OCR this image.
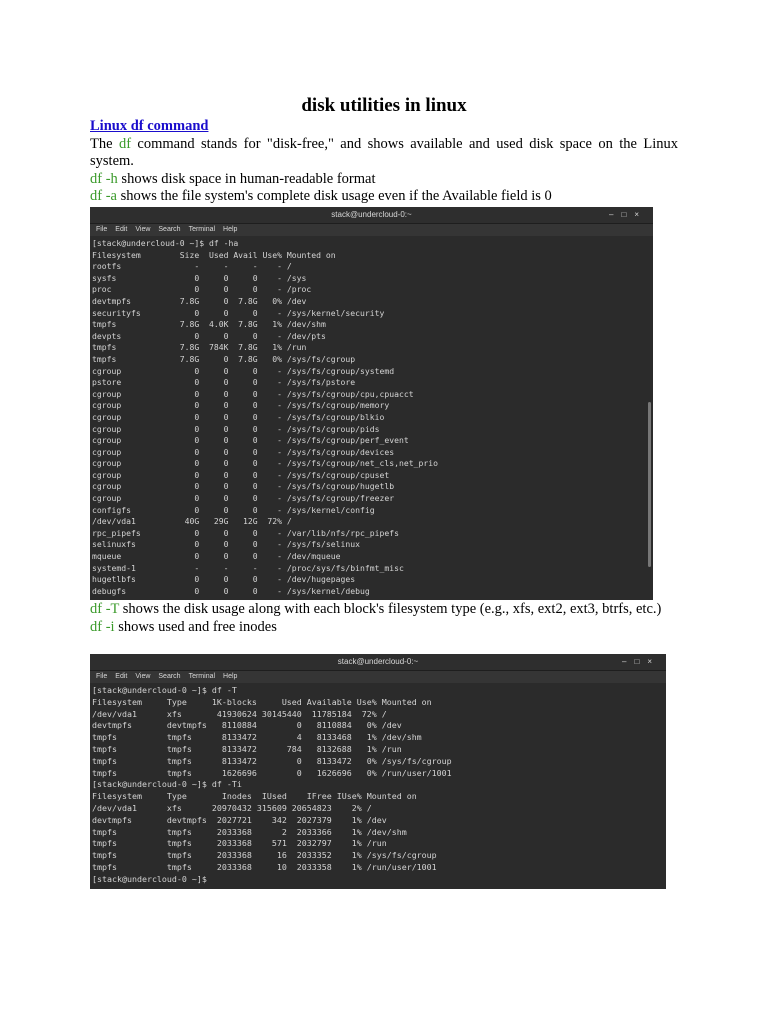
disk utilities in linux

Linux df command

The df command stands for "disk-free," and shows available and used disk space on the Linux system.

df -h shows disk space in human-readable format

df -a shows the file system's complete disk usage even if the Available field is 0

stack@undercloud-0:~	–□×
File Edit View Search Terminal Help
[stack@undercloud-0 ~]$ df -ha
Filesystem        Size  Used Avail Use% Mounted on
rootfs               -     -     -    - /
sysfs                0     0     0    - /sys
proc                 0     0     0    - /proc
devtmpfs          7.8G     0  7.8G   0% /dev
securityfs           0     0     0    - /sys/kernel/security
tmpfs             7.8G  4.0K  7.8G   1% /dev/shm
devpts               0     0     0    - /dev/pts
tmpfs             7.8G  784K  7.8G   1% /run
tmpfs             7.8G     0  7.8G   0% /sys/fs/cgroup
cgroup               0     0     0    - /sys/fs/cgroup/systemd
pstore               0     0     0    - /sys/fs/pstore
cgroup               0     0     0    - /sys/fs/cgroup/cpu,cpuacct
cgroup               0     0     0    - /sys/fs/cgroup/memory
cgroup               0     0     0    - /sys/fs/cgroup/blkio
cgroup               0     0     0    - /sys/fs/cgroup/pids
cgroup               0     0     0    - /sys/fs/cgroup/perf_event
cgroup               0     0     0    - /sys/fs/cgroup/devices
cgroup               0     0     0    - /sys/fs/cgroup/net_cls,net_prio
cgroup               0     0     0    - /sys/fs/cgroup/cpuset
cgroup               0     0     0    - /sys/fs/cgroup/hugetlb
cgroup               0     0     0    - /sys/fs/cgroup/freezer
configfs             0     0     0    - /sys/kernel/config
/dev/vda1          40G   29G   12G  72% /
rpc_pipefs           0     0     0    - /var/lib/nfs/rpc_pipefs
selinuxfs            0     0     0    - /sys/fs/selinux
mqueue               0     0     0    - /dev/mqueue
systemd-1            -     -     -    - /proc/sys/fs/binfmt_misc
hugetlbfs            0     0     0    - /dev/hugepages
debugfs              0     0     0    - /sys/kernel/debug

df -T shows the disk usage along with each block's filesystem type (e.g., xfs, ext2, ext3, btrfs, etc.)

df -i shows used and free inodes

stack@undercloud-0:~	–□×
File Edit View Search Terminal Help
[stack@undercloud-0 ~]$ df -T
Filesystem     Type     1K-blocks     Used Available Use% Mounted on
/dev/vda1      xfs       41930624 30145440  11785184  72% /
devtmpfs       devtmpfs   8110884        0   8110884   0% /dev
tmpfs          tmpfs      8133472        4   8133468   1% /dev/shm
tmpfs          tmpfs      8133472      784   8132688   1% /run
tmpfs          tmpfs      8133472        0   8133472   0% /sys/fs/cgroup
tmpfs          tmpfs      1626696        0   1626696   0% /run/user/1001
[stack@undercloud-0 ~]$ df -Ti
Filesystem     Type       Inodes  IUsed    IFree IUse% Mounted on
/dev/vda1      xfs      20970432 315609 20654823    2% /
devtmpfs       devtmpfs  2027721    342  2027379    1% /dev
tmpfs          tmpfs     2033368      2  2033366    1% /dev/shm
tmpfs          tmpfs     2033368    571  2032797    1% /run
tmpfs          tmpfs     2033368     16  2033352    1% /sys/fs/cgroup
tmpfs          tmpfs     2033368     10  2033358    1% /run/user/1001
[stack@undercloud-0 ~]$
